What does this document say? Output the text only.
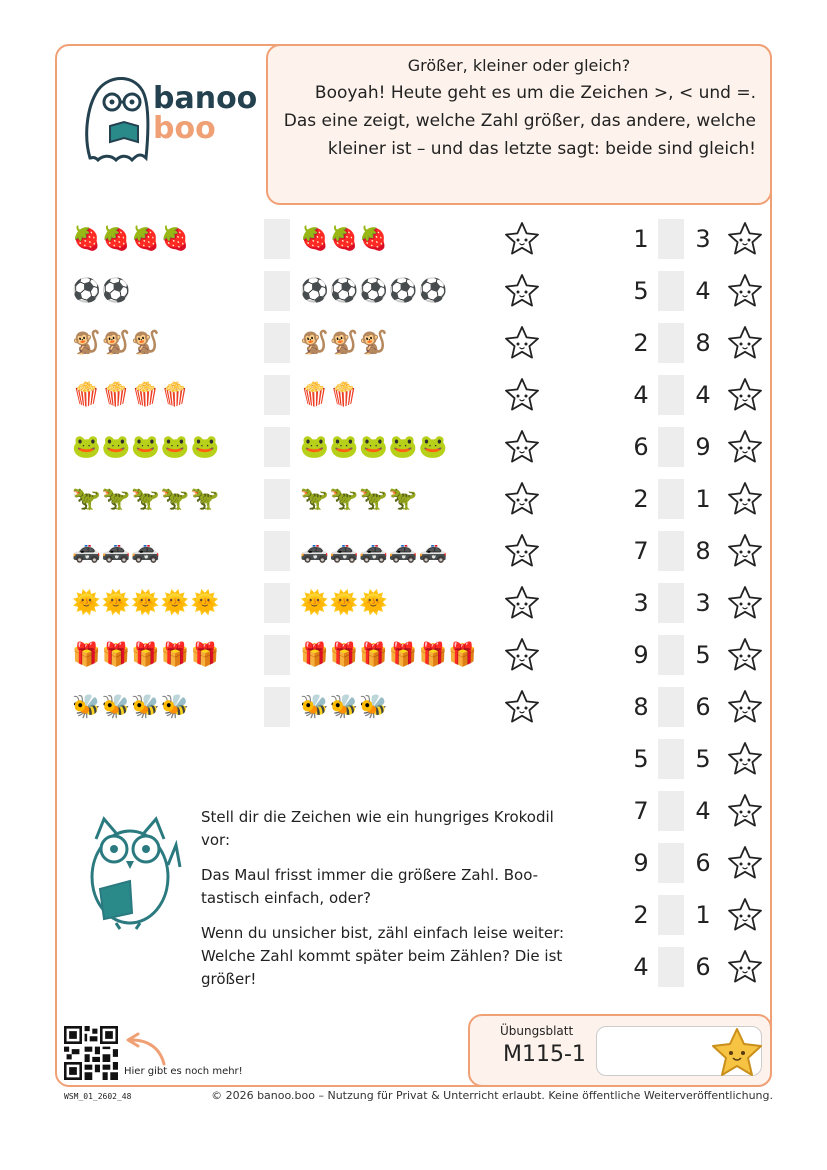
banoo
boo
Größer, kleiner oder gleich?

Booyah! Heute geht es um die Zeichen >, < und =. Das eine zeigt, welche Zahl größer, das andere, welche kleiner ist – und das letzte sagt: beide sind gleich!

🍓🍓🍓🍓	🍓🍓🍓
⚽⚽	⚽⚽⚽⚽⚽
🐒🐒🐒	🐒🐒🐒
🍿🍿🍿🍿	🍿🍿
🐸🐸🐸🐸🐸	🐸🐸🐸🐸🐸
🦖🦖🦖🦖🦖	🦖🦖🦖🦖
🚓🚓🚓	🚓🚓🚓🚓🚓
🌞🌞🌞🌞🌞	🌞🌞🌞
🎁🎁🎁🎁🎁	🎁🎁🎁🎁🎁🎁
🐝🐝🐝🐝	🐝🐝🐝
1 3
5 4
2 8
4 4
6 9
2 1
7 8
3 3
9 5
8 6
5 5
7 4
9 6
2 1
4 6

Stell dir die Zeichen wie ein hungriges Krokodil vor:

Das Maul frisst immer die größere Zahl. Boo-tastisch einfach, oder?

Wenn du unsicher bist, zähl einfach leise weiter: Welche Zahl kommt später beim Zählen? Die ist größer!

Hier gibt es noch mehr!
Übungsblatt
M115-1
WSM_01_2602_48	© 2026 banoo.boo – Nutzung für Privat & Unterricht erlaubt. Keine öffentliche Weiterveröffentlichung.
